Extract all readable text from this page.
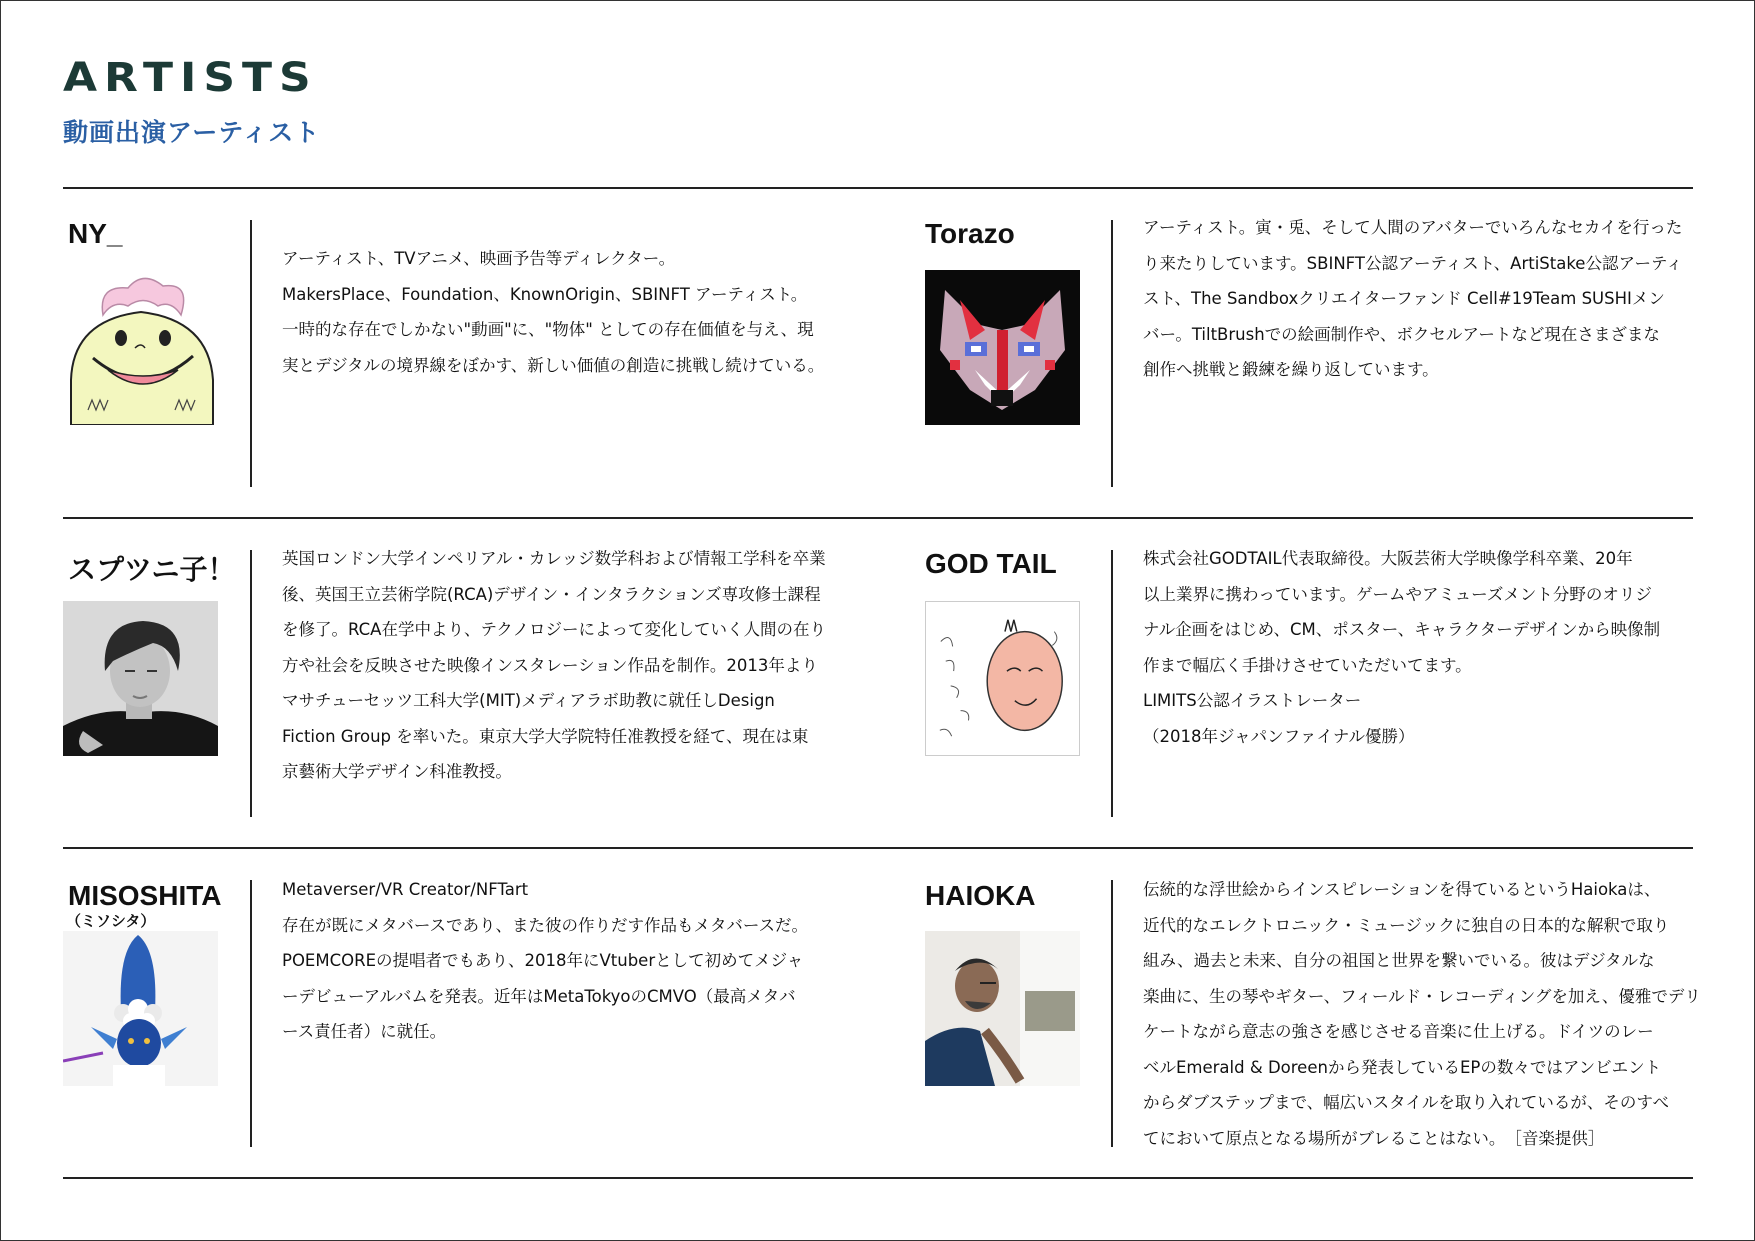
ARTISTS
動画出演アーティスト
NY_
アーティスト、TVアニメ、映画予告等ディレクター。
MakersPlace、Foundation、KnownOrigin、SBINFT アーティスト。
一時的な存在でしかない"動画"に、"物体" としての存在価値を与え、現
実とデジタルの境界線をぼかす、新しい価値の創造に挑戦し続けている。
Torazo	アーティスト。寅・兎、そして人間のアバターでいろんなセカイを行った
り来たりしています。SBINFT公認アーティスト、ArtiStake公認アーティ
スト、The Sandboxクリエイターファンド Cell#19Team SUSHIメン
バー。TiltBrushでの絵画制作や、ボクセルアートなど現在さまざまな
創作へ挑戦と鍛練を繰り返しています。
スプツニ子！	英国ロンドン大学インペリアル・カレッジ数学科および情報工学科を卒業
後、英国王立芸術学院(RCA)デザイン・インタラクションズ専攻修士課程
を修了。RCA在学中より、テクノロジーによって変化していく人間の在り
方や社会を反映させた映像インスタレーション作品を制作。2013年より
マサチューセッツ工科大学(MIT)メディアラボ助教に就任しDesign
Fiction Group を率いた。東京大学大学院特任准教授を経て、現在は東
京藝術大学デザイン科准教授。
GOD TAIL	株式会社GODTAIL代表取締役。大阪芸術大学映像学科卒業、20年
以上業界に携わっています。ゲームやアミューズメント分野のオリジ
ナル企画をはじめ、CM、ポスター、キャラクターデザインから映像制
作まで幅広く手掛けさせていただいてます。
LIMITS公認イラストレーター
（2018年ジャパンファイナル優勝）
MISOSHITA
（ミソシタ）
Metaverser/VR Creator/NFTart
存在が既にメタバースであり、また彼の作りだす作品もメタバースだ。
POEMCOREの提唱者でもあり、2018年にVtuberとして初めてメジャ
ーデビューアルバムを発表。近年はMetaTokyoのCMVO（最高メタバ
ース責任者）に就任。
HAIOKA	伝統的な浮世絵からインスピレーションを得ているというHaiokaは、
近代的なエレクトロニック・ミュージックに独自の日本的な解釈で取り
組み、過去と未来、自分の祖国と世界を繋いでいる。彼はデジタルな
楽曲に、生の琴やギター、フィールド・レコーディングを加え、優雅でデリ
ケートながら意志の強さを感じさせる音楽に仕上げる。ドイツのレー
ベルEmerald & Doreenから発表しているEPの数々ではアンビエント
からダブステップまで、幅広いスタイルを取り入れているが、そのすべ
てにおいて原点となる場所がブレることはない。　［音楽提供］
